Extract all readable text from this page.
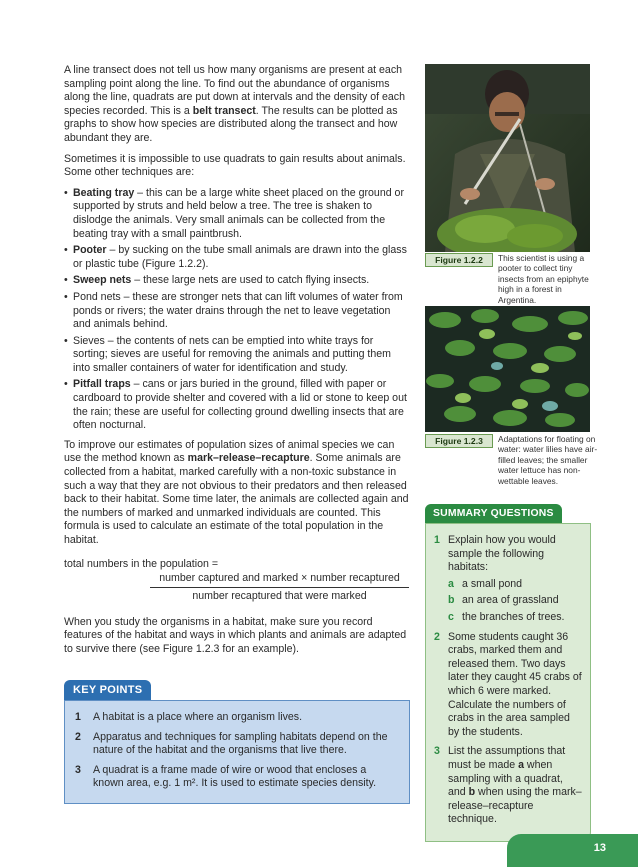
A line transect does not tell us how many organisms are present at each sampling point along the line. To find out the abundance of organisms along the line, quadrats are put down at intervals and the density of each species recorded. This is a belt transect. The results can be plotted as graphs to show how species are distributed along the transect and how abundant they are.

Sometimes it is impossible to use quadrats to gain results about animals. Some other techniques are:

• Beating tray – this can be a large white sheet placed on the ground or supported by struts and held below a tree. The tree is shaken to dislodge the animals. Very small animals can be collected from the beating tray with a small paintbrush.
• Pooter – by sucking on the tube small animals are drawn into the glass or plastic tube (Figure 1.2.2).
• Sweep nets – these large nets are used to catch flying insects.
• Pond nets – these are stronger nets that can lift volumes of water from ponds or rivers; the water drains through the net to leave vegetation and animals behind.
• Sieves – the contents of nets can be emptied into white trays for sorting; sieves are useful for removing the animals and putting them into smaller containers of water for identification and study.
• Pitfall traps – cans or jars buried in the ground, filled with paper or cardboard to provide shelter and covered with a lid or stone to keep out the rain; these are useful for collecting ground dwelling insects that are often nocturnal.

To improve our estimates of population sizes of animal species we can use the method known as mark–release–recapture. Some animals are collected from a habitat, marked carefully with a non-toxic substance in such a way that they are not obvious to their predators and then released back to their habitat. Some time later, the animals are collected again and the numbers of marked and unmarked individuals are counted. This formula is used to calculate an estimate of the total population in the habitat.

total numbers in the population =
number captured and marked × number recaptured
number recaptured that were marked

When you study the organisms in a habitat, make sure you record features of the habitat and ways in which plants and animals are adapted to survive there (see Figure 1.2.3 for an example).

KEY POINTS
1 A habitat is a place where an organism lives.
2 Apparatus and techniques for sampling habitats depend on the nature of the habitat and the organisms that live there.
3 A quadrat is a frame made of wire or wood that encloses a known area, e.g. 1 m². It is used to estimate species density.
Figure 1.2.2	This scientist is using a pooter to collect tiny insects from an epiphyte high in a forest in Argentina.
Figure 1.2.3	Adaptations for floating on water: water lilies have air-filled leaves; the smaller water lettuce has non-wettable leaves.
SUMMARY QUESTIONS
1 Explain how you would sample the following habitats:
a a small pond
b an area of grassland
c the branches of trees.
2 Some students caught 36 crabs, marked them and released them. Two days later they caught 45 crabs of which 6 were marked. Calculate the numbers of crabs in the area sampled by the students.
3 List the assumptions that must be made a when sampling with a quadrat, and b when using the mark–release–recapture technique.
13
